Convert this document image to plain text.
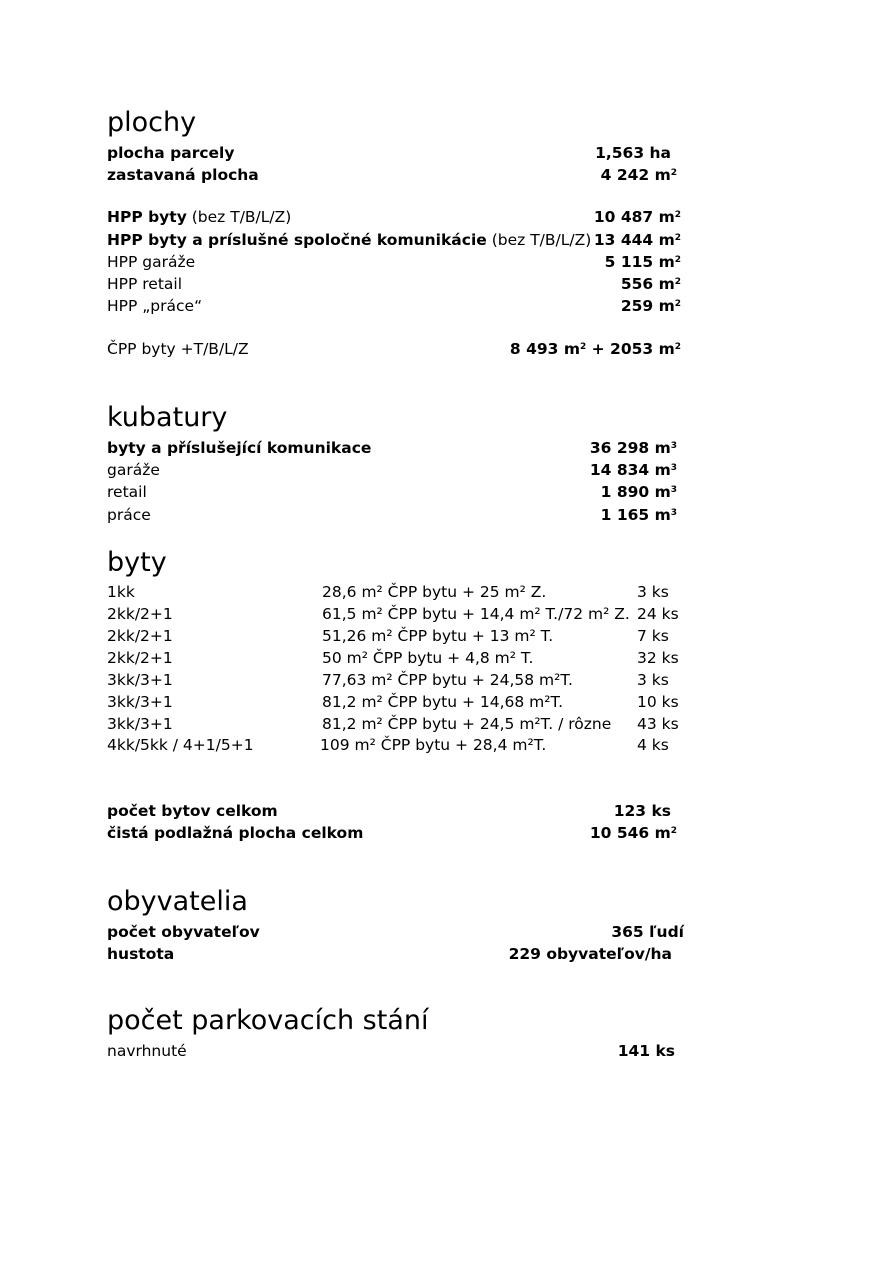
plochy
plocha parcely	1,563 ha
zastavaná plocha	4 242 $m^2$
HPP byty (bez T/B/L/Z)	10 487 $m^2$
HPP byty a príslušné spoločné komunikácie (bez T/B/L/Z) 13 444 $m^2$
HPP garáže	5 115 $m^2$
HPP retail	556 $m^2$
HPP „práce“	259 $m^2$
ČPP byty +T/B/L/Z	8 493 $m^2 + 2053$ $m^2$
kubatury
byty a příslušející komunikace	36 298 $m^3$
garáže	14 834 $m^3$
retail	1 890 $m^3$
práce	1 165 $m^3$
byty
1kk	28,6 m² ČPP bytu + 25 m² Z.	3 ks
2kk/2+1	61,5 m² ČPP bytu + 14,4 m² T./72 m² Z. 24 ks
2kk/2+1	51,26 m² ČPP bytu + 13 m² T.	7 ks
2kk/2+1	50 m² ČPP bytu + 4,8 m² T.	32 ks
3kk/3+1	77,63 m² ČPP bytu + 24,58 m²T.	3 ks
3kk/3+1	81,2 m² ČPP bytu + 14,68 m²T.	10 ks
3kk/3+1	81,2 m² ČPP bytu + 24,5 m²T. / rôzne 43 ks
4kk/5kk / 4+1/5+1	109 m² ČPP bytu + 28,4 m²T.	4 ks
počet bytov celkom	123 ks
čistá podlažná plocha celkom	10 546 $m^2$
obyvatelia
počet obyvateľov	365 ľudí
hustota	229 obyvateľov/ha
počet parkovacích stání
navrhnuté	141 ks
